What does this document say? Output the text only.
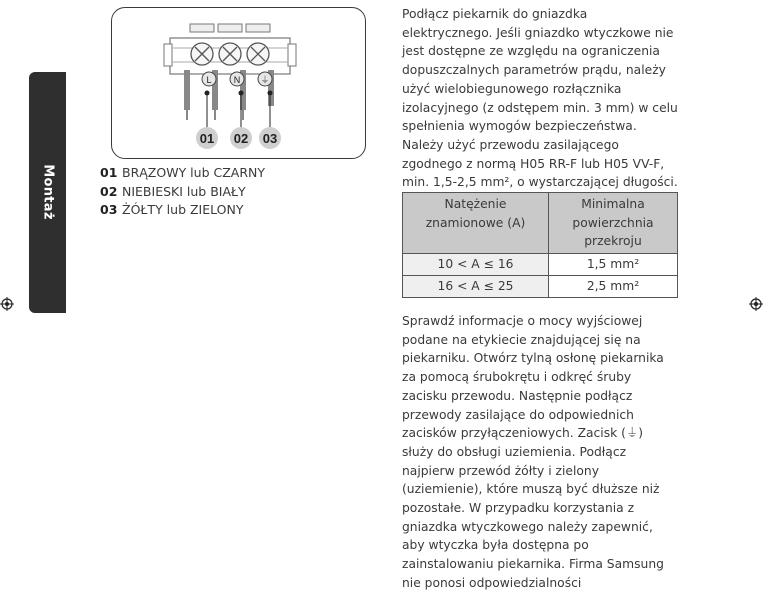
Montaż
L N ⏚
01 02 03
01 BRĄZOWY lub CZARNY
02 NIEBIESKI lub BIAŁY
03 ŻÓŁTY lub ZIELONY
Podłącz piekarnik do gniazdka elektrycznego. Jeśli gniazdko wtyczkowe nie jest dostępne ze względu na ograniczenia dopuszczalnych parametrów prądu, należy użyć wielobiegunowego rozłącznika izolacyjnego (z odstępem min. 3 mm) w celu spełnienia wymogów bezpieczeństwa. Należy użyć przewodu zasilającego zgodnego z normą H05 RR-F lub H05 VV-F, min. 1,5-2,5 mm², o wystarczającej długości.
Natężenie znamionowe (A)	Minimalna powierzchnia przekroju
10 < A ≤ 16	1,5 mm²
16 < A ≤ 25	2,5 mm²
Sprawdź informacje o mocy wyjściowej podane na etykiecie znajdującej się na piekarniku. Otwórz tylną osłonę piekarnika za pomocą śrubokrętu i odkręć śruby zacisku przewodu. Następnie podłącz przewody zasilające do odpowiednich zacisków przyłączeniowych. Zacisk (⏚) służy do obsługi uziemienia. Podłącz najpierw przewód żółty i zielony (uziemienie), które muszą być dłuższe niż pozostałe. W przypadku korzystania z gniazdka wtyczkowego należy zapewnić, aby wtyczka była dostępna po zainstalowaniu piekarnika. Firma Samsung nie ponosi odpowiedzialności
